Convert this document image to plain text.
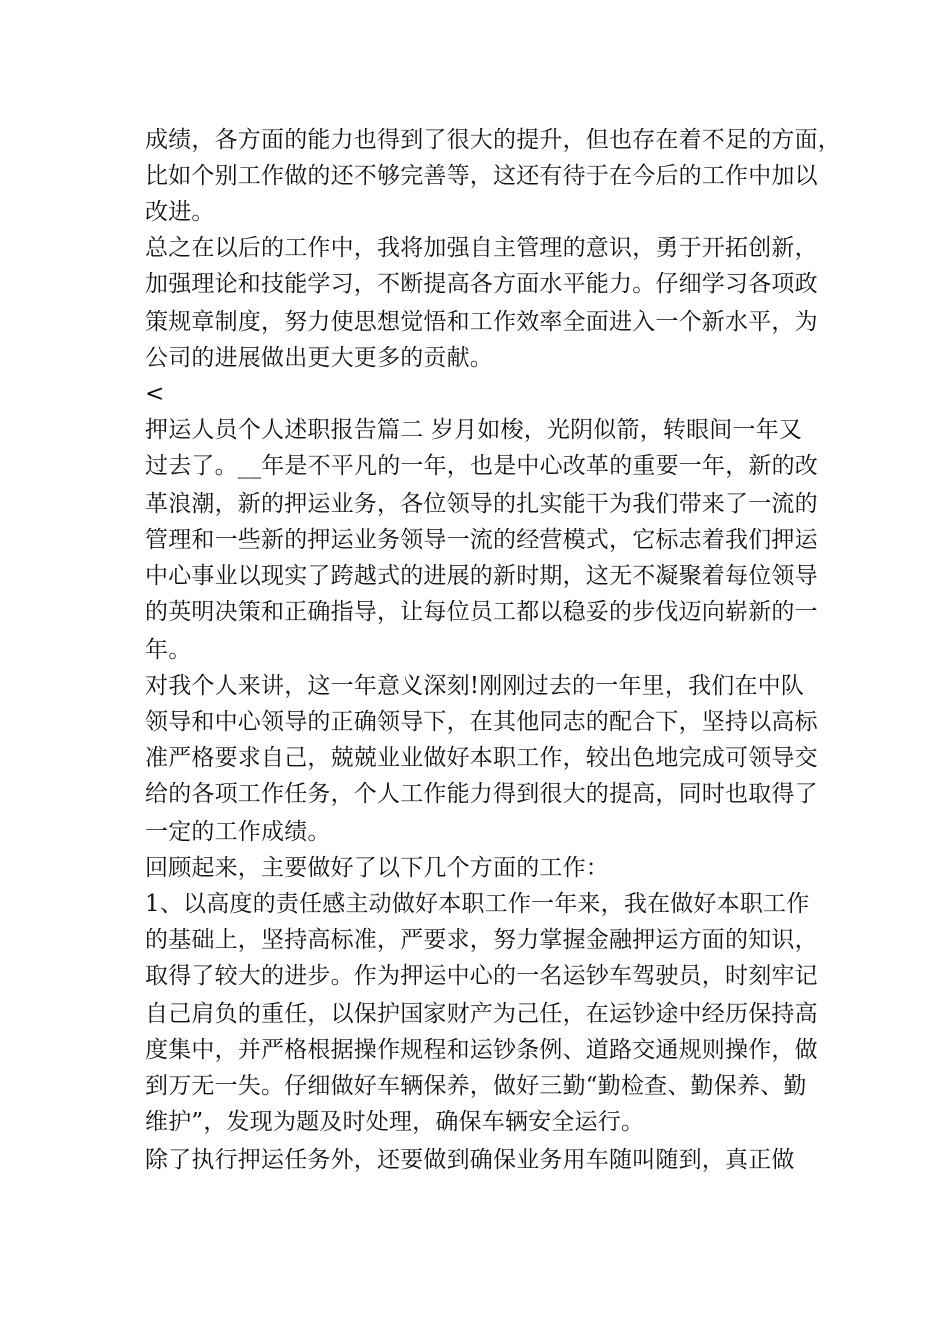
成绩，各方面的能力也得到了很大的提升，但也存在着不足的方面，
比如个别工作做的还不够完善等，这还有待于在今后的工作中加以
改进。
总之在以后的工作中，我将加强自主管理的意识，勇于开拓创新，
加强理论和技能学习，不断提高各方面水平能力。仔细学习各项政
策规章制度，努力使思想觉悟和工作效率全面进入一个新水平，为
公司的进展做出更大更多的贡献。
<
押运人员个人述职报告篇二 岁月如梭，光阴似箭，转眼间一年又
过去了。__年是不平凡的一年，也是中心改革的重要一年，新的改
革浪潮，新的押运业务，各位领导的扎实能干为我们带来了一流的
管理和一些新的押运业务领导一流的经营模式，它标志着我们押运
中心事业以现实了跨越式的进展的新时期，这无不凝聚着每位领导
的英明决策和正确指导，让每位员工都以稳妥的步伐迈向崭新的一
年。
对我个人来讲，这一年意义深刻!刚刚过去的一年里，我们在中队
领导和中心领导的正确领导下，在其他同志的配合下，坚持以高标
准严格要求自己，兢兢业业做好本职工作，较出色地完成可领导交
给的各项工作任务，个人工作能力得到很大的提高，同时也取得了
一定的工作成绩。
回顾起来，主要做好了以下几个方面的工作：
1、以高度的责任感主动做好本职工作一年来，我在做好本职工作
的基础上，坚持高标准，严要求，努力掌握金融押运方面的知识，
取得了较大的进步。作为押运中心的一名运钞车驾驶员，时刻牢记
自己肩负的重任，以保护国家财产为己任，在运钞途中经历保持高
度集中，并严格根据操作规程和运钞条例、道路交通规则操作，做
到万无一失。仔细做好车辆保养，做好三勤“勤检查、勤保养、勤
维护”，发现为题及时处理，确保车辆安全运行。
除了执行押运任务外，还要做到确保业务用车随叫随到，真正做
